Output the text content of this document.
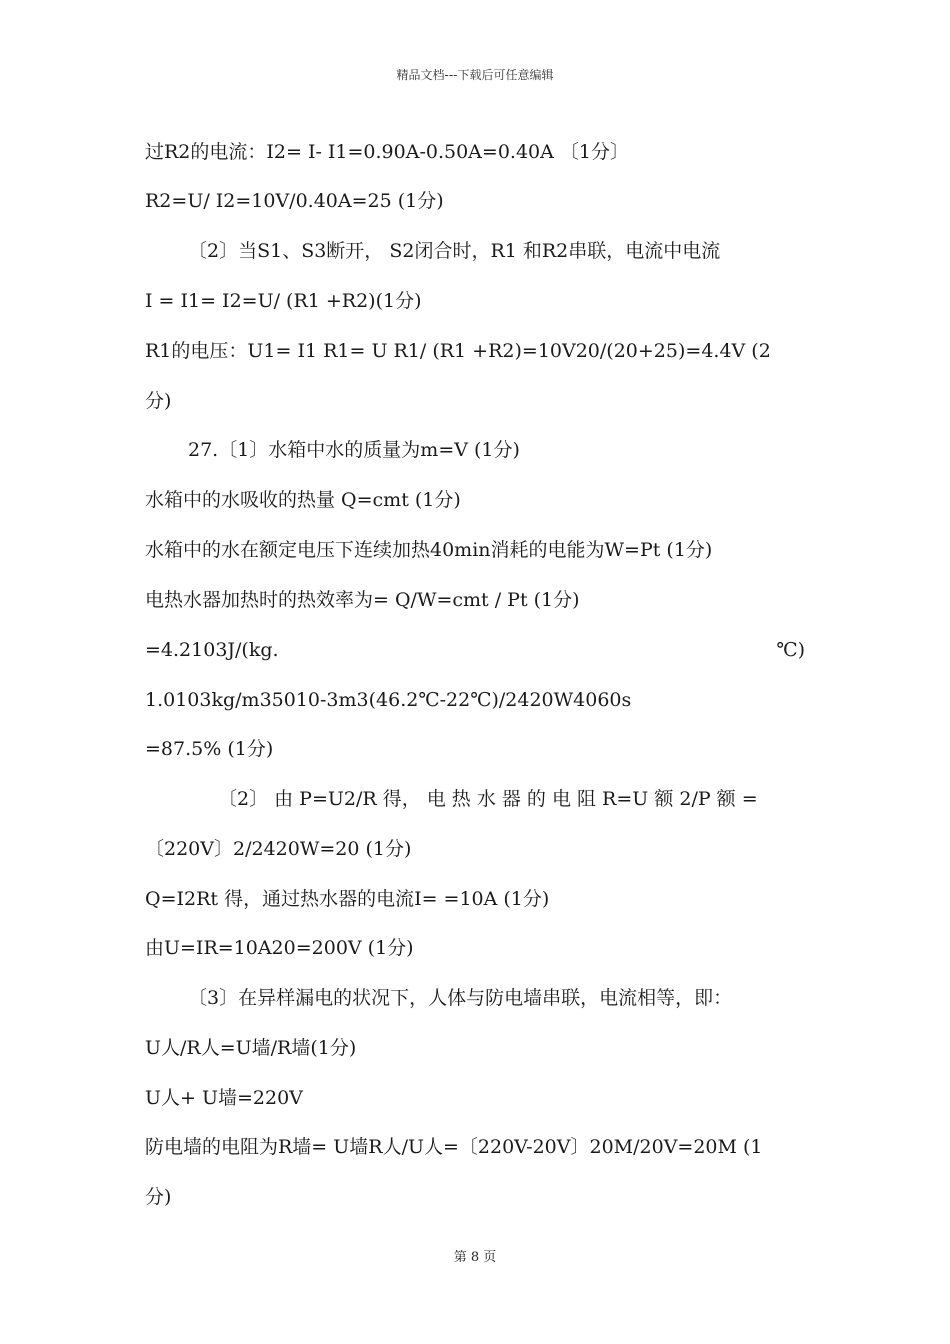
精品文档---下载后可任意编辑
过R2的电流：I2= I- I1=0.90A-0.50A=0.40A 〔1分〕
R2=U/ I2=10V/0.40A=25 (1分)
〔2〕当S1、S3断开， S2闭合时，R1 和R2串联，电流中电流
I = I1= I2=U/ (R1 +R2)(1分)
R1的电压：U1= I1 R1= U R1/ (R1 +R2)=10V20/(20+25)=4.4V (2
分)
27.〔1〕水箱中水的质量为m=V (1分)
水箱中的水吸收的热量 Q=cmt (1分)
水箱中的水在额定电压下连续加热40min消耗的电能为W=Pt (1分)
电热水器加热时的热效率为= Q/W=cmt / Pt (1分)
=4.2103J/(kg.	℃)
1.0103kg/m35010-3m3(46.2℃-22℃)/2420W4060s
=87.5% (1分)
〔2〕 由 P=U2/R 得， 电 热 水 器 的 电 阻 R=U 额 2/P 额 =
〔220V〕2/2420W=20 (1分)
Q=I2Rt 得，通过热水器的电流I= =10A (1分)
由U=IR=10A20=200V (1分)
〔3〕在异样漏电的状况下，人体与防电墙串联，电流相等，即：
U人/R人=U墙/R墙(1分)
U人+ U墙=220V
防电墙的电阻为R墙= U墙R人/U人=〔220V-20V〕20M/20V=20M (1
分)
第 8 页
